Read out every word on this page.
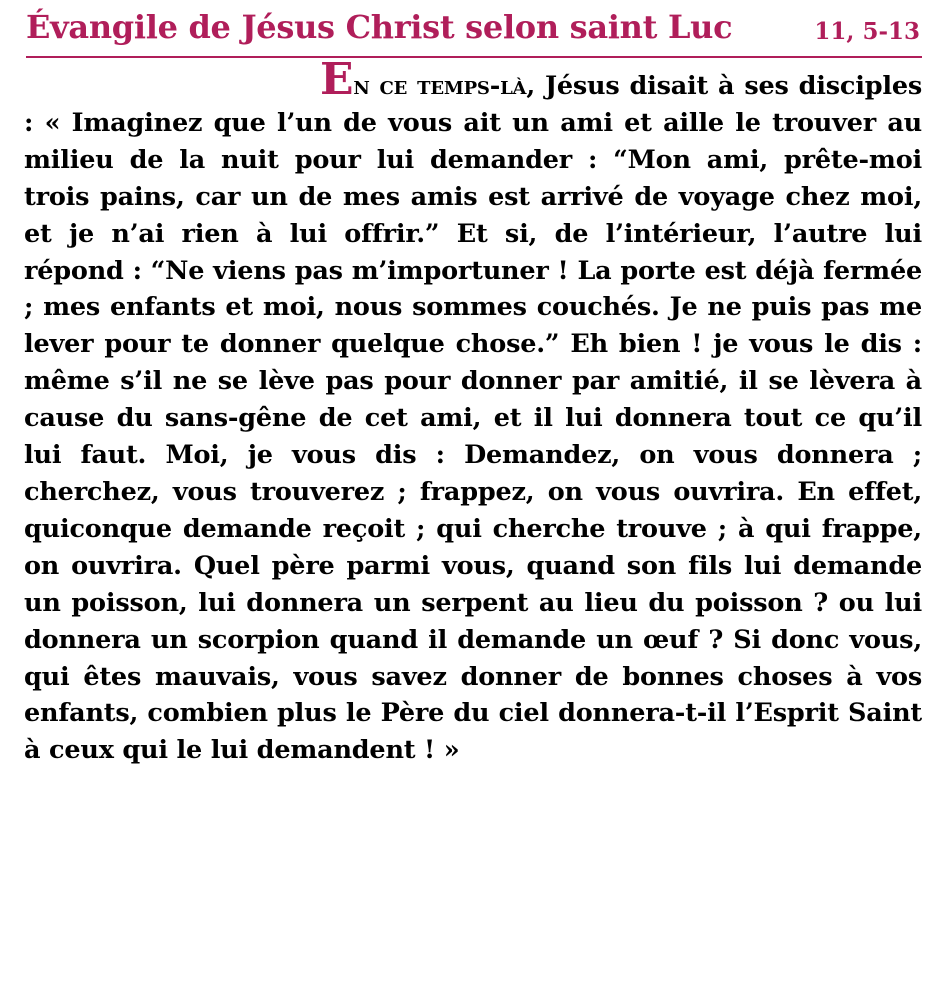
Évangile de Jésus Christ selon saint Luc	11, 5-13

En ce temps-là, Jésus disait à ses disciples : « Imaginez que l’un de vous ait un ami et aille le trouver au milieu de la nuit pour lui demander : “Mon ami, prête-moi trois pains, car un de mes amis est arrivé de voyage chez moi, et je n’ai rien à lui offrir.” Et si, de l’intérieur, l’autre lui répond : “Ne viens pas m’importuner ! La porte est déjà fermée ; mes enfants et moi, nous sommes couchés. Je ne puis pas me lever pour te donner quelque chose.” Eh bien ! je vous le dis : même s’il ne se lève pas pour donner par amitié, il se lèvera à cause du sans-gêne de cet ami, et il lui donnera tout ce qu’il lui faut. Moi, je vous dis : Demandez, on vous donnera ; cherchez, vous trouverez ; frappez, on vous ouvrira. En effet, quiconque demande reçoit ; qui cherche trouve ; à qui frappe, on ouvrira. Quel père parmi vous, quand son fils lui demande un poisson, lui donnera un serpent au lieu du poisson ? ou lui donnera un scorpion quand il demande un œuf ? Si donc vous, qui êtes mauvais, vous savez donner de bonnes choses à vos enfants, combien plus le Père du ciel donnera-t-il l’Esprit Saint à ceux qui le lui demandent ! »
